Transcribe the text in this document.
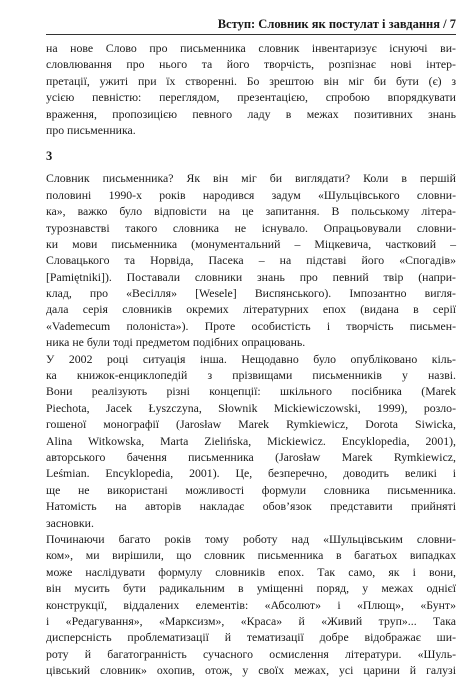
Вступ: Словник як постулат і завдання / 7
на нове Слово про письменника словник інвентаризує існуючі ви-
словлювання про нього та його творчість, розпізнає нові інтер-
претації, ужиті при їх створенні. Бо зрештою він міг би бути (є) з
усією певністю: переглядом, презентацією, спробою впорядкувати
враження, пропозицією певного ладу в межах позитивних знань
про письменника.
3
Словник письменника? Як він міг би виглядати? Коли в першій
половині 1990-х років народився задум «Шульцівського словни-
ка», важко було відповісти на це запитання. В польському літера-
турознавстві такого словника не існувало. Опрацьовували словни-
ки мови письменника (монументальний – Міцкевича, частковий –
Словацького та Норвіда, Пасека – на підставі його «Спогадів»
[Pamiętniki]). Поставали словники знань про певний твір (напри-
клад, про «Весілля» [Wesele] Виспянського). Імпозантно вигля-
дала серія словників окремих літературних епох (видана в серії
«Vademecum полоніста»). Проте особистість і творчість письмен-
ника не були тоді предметом подібних опрацювань.
У 2002 році ситуація інша. Нещодавно було опубліковано кіль-
ка книжок-енциклопедій з прізвищами письменників у назві.
Вони реалізують різні концепції: шкільного посібника (Marek
Piechota, Jacek Łyszczyna, Słownik Mickiewiczowski, 1999), розло-
гошеної монографії (Jarosław Marek Rymkiewicz, Dorota Siwicka,
Alina Witkowska, Marta Zielińska, Mickiewicz. Encyklopedia, 2001),
авторського бачення письменника (Jarosław Marek Rymkiewicz,
Leśmian. Encyklopedia, 2001). Це, безперечно, доводить великі і
ще не використані можливості формули словника письменника.
Натомість на авторів накладає обов’язок представити прийняті
засновки.
Починаючи багато років тому роботу над «Шульцівським словни-
ком», ми вирішили, що словник письменника в багатьох випадках
може наслідувати формулу словників епох. Так само, як і вони,
він мусить бути радикальним в уміщенні поряд, у межах однієї
конструкції, віддалених елементів: «Абсолют» і «Плющ», «Бунт»
і «Редагування», «Марксизм», «Краса» й «Живий труп»... Така
дисперсність проблематизації й тематизації добре відображає ши-
роту й багатогранність сучасного осмислення літератури. «Шуль-
цівський словник» охопив, отож, у своїх межах, усі царини й галузі
